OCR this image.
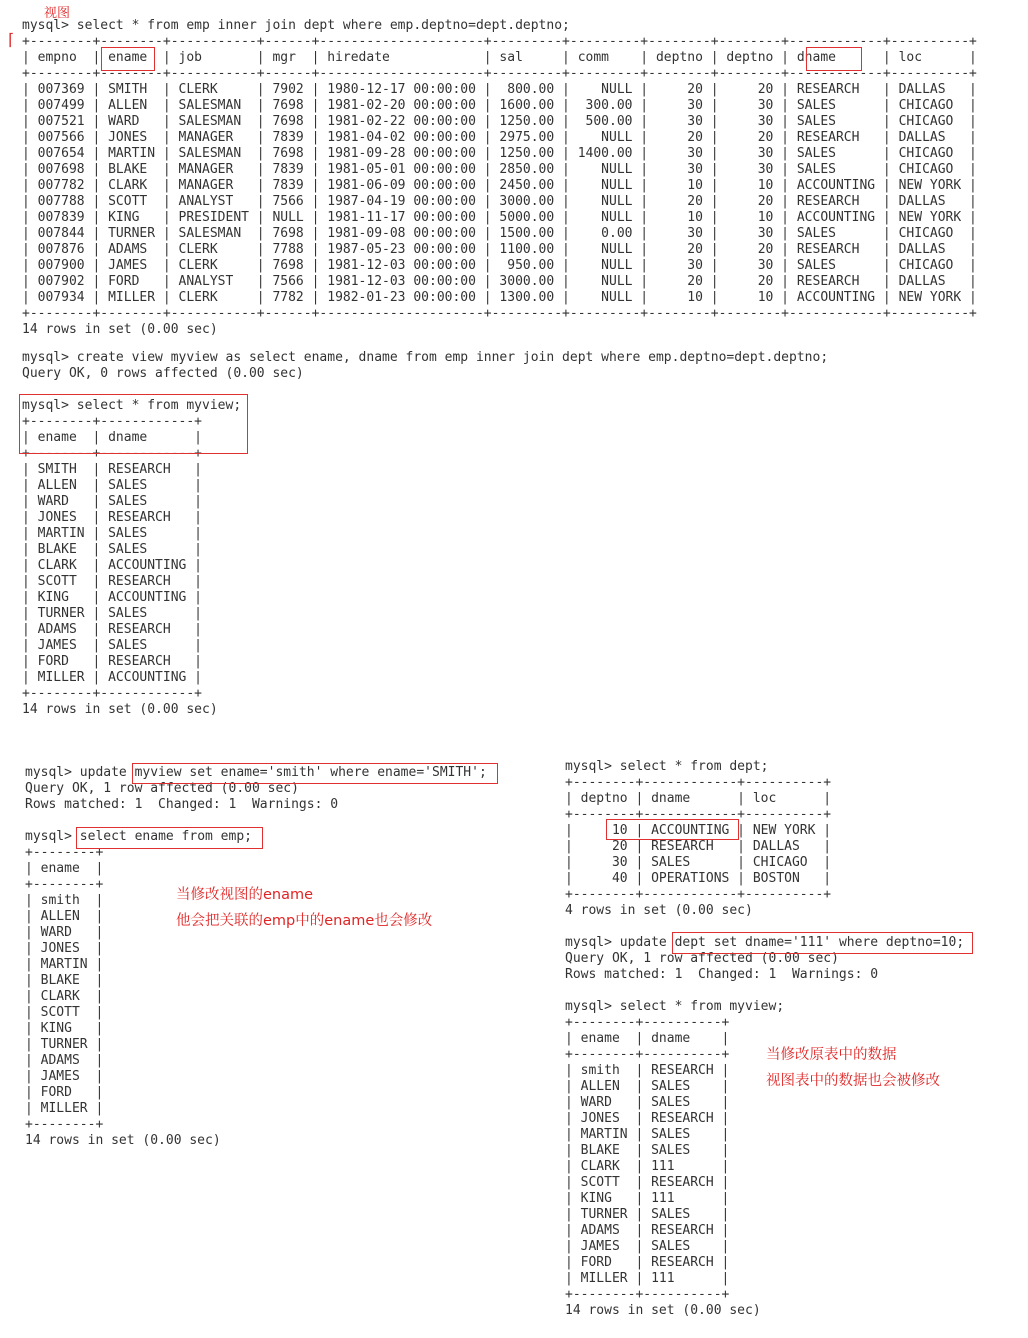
视图
⌈
mysql> select * from emp inner join dept where emp.deptno=dept.deptno;
+--------+--------+-----------+------+---------------------+---------+---------+--------+--------+------------+----------+
| empno  | ename  | job       | mgr  | hiredate            | sal     | comm    | deptno | deptno | dname      | loc      |
+--------+--------+-----------+------+---------------------+---------+---------+--------+--------+------------+----------+
| 007369 | SMITH  | CLERK     | 7902 | 1980-12-17 00:00:00 |  800.00 |    NULL |     20 |     20 | RESEARCH   | DALLAS   |
| 007499 | ALLEN  | SALESMAN  | 7698 | 1981-02-20 00:00:00 | 1600.00 |  300.00 |     30 |     30 | SALES      | CHICAGO  |
| 007521 | WARD   | SALESMAN  | 7698 | 1981-02-22 00:00:00 | 1250.00 |  500.00 |     30 |     30 | SALES      | CHICAGO  |
| 007566 | JONES  | MANAGER   | 7839 | 1981-04-02 00:00:00 | 2975.00 |    NULL |     20 |     20 | RESEARCH   | DALLAS   |
| 007654 | MARTIN | SALESMAN  | 7698 | 1981-09-28 00:00:00 | 1250.00 | 1400.00 |     30 |     30 | SALES      | CHICAGO  |
| 007698 | BLAKE  | MANAGER   | 7839 | 1981-05-01 00:00:00 | 2850.00 |    NULL |     30 |     30 | SALES      | CHICAGO  |
| 007782 | CLARK  | MANAGER   | 7839 | 1981-06-09 00:00:00 | 2450.00 |    NULL |     10 |     10 | ACCOUNTING | NEW YORK |
| 007788 | SCOTT  | ANALYST   | 7566 | 1987-04-19 00:00:00 | 3000.00 |    NULL |     20 |     20 | RESEARCH   | DALLAS   |
| 007839 | KING   | PRESIDENT | NULL | 1981-11-17 00:00:00 | 5000.00 |    NULL |     10 |     10 | ACCOUNTING | NEW YORK |
| 007844 | TURNER | SALESMAN  | 7698 | 1981-09-08 00:00:00 | 1500.00 |    0.00 |     30 |     30 | SALES      | CHICAGO  |
| 007876 | ADAMS  | CLERK     | 7788 | 1987-05-23 00:00:00 | 1100.00 |    NULL |     20 |     20 | RESEARCH   | DALLAS   |
| 007900 | JAMES  | CLERK     | 7698 | 1981-12-03 00:00:00 |  950.00 |    NULL |     30 |     30 | SALES      | CHICAGO  |
| 007902 | FORD   | ANALYST   | 7566 | 1981-12-03 00:00:00 | 3000.00 |    NULL |     20 |     20 | RESEARCH   | DALLAS   |
| 007934 | MILLER | CLERK     | 7782 | 1982-01-23 00:00:00 | 1300.00 |    NULL |     10 |     10 | ACCOUNTING | NEW YORK |
+--------+--------+-----------+------+---------------------+---------+---------+--------+--------+------------+----------+
14 rows in set (0.00 sec)
mysql> create view myview as select ename, dname from emp inner join dept where emp.deptno=dept.deptno;
Query OK, 0 rows affected (0.00 sec)
mysql> select * from myview;
+--------+------------+
| ename  | dname      |
+--------+------------+
| SMITH  | RESEARCH   |
| ALLEN  | SALES      |
| WARD   | SALES      |
| JONES  | RESEARCH   |
| MARTIN | SALES      |
| BLAKE  | SALES      |
| CLARK  | ACCOUNTING |
| SCOTT  | RESEARCH   |
| KING   | ACCOUNTING |
| TURNER | SALES      |
| ADAMS  | RESEARCH   |
| JAMES  | SALES      |
| FORD   | RESEARCH   |
| MILLER | ACCOUNTING |
+--------+------------+
14 rows in set (0.00 sec)
mysql> update myview set ename='smith' where ename='SMITH';
Query OK, 1 row affected (0.00 sec)
Rows matched: 1  Changed: 1  Warnings: 0
mysql> select ename from emp;
+--------+
| ename  |
+--------+
| smith  |
| ALLEN  |
| WARD   |
| JONES  |
| MARTIN |
| BLAKE  |
| CLARK  |
| SCOTT  |
| KING   |
| TURNER |
| ADAMS  |
| JAMES  |
| FORD   |
| MILLER |
+--------+
14 rows in set (0.00 sec)
当修改视图的ename
他会把关联的emp中的ename也会修改
mysql> select * from dept;
+--------+------------+----------+
| deptno | dname      | loc      |
+--------+------------+----------+
|     10 | ACCOUNTING | NEW YORK |
|     20 | RESEARCH   | DALLAS   |
|     30 | SALES      | CHICAGO  |
|     40 | OPERATIONS | BOSTON   |
+--------+------------+----------+
4 rows in set (0.00 sec)
mysql> update dept set dname='111' where deptno=10;
Query OK, 1 row affected (0.00 sec)
Rows matched: 1  Changed: 1  Warnings: 0
mysql> select * from myview;
+--------+----------+
| ename  | dname    |
+--------+----------+
| smith  | RESEARCH |
| ALLEN  | SALES    |
| WARD   | SALES    |
| JONES  | RESEARCH |
| MARTIN | SALES    |
| BLAKE  | SALES    |
| CLARK  | 111      |
| SCOTT  | RESEARCH |
| KING   | 111      |
| TURNER | SALES    |
| ADAMS  | RESEARCH |
| JAMES  | SALES    |
| FORD   | RESEARCH |
| MILLER | 111      |
+--------+----------+
14 rows in set (0.00 sec)
当修改原表中的数据
视图表中的数据也会被修改
